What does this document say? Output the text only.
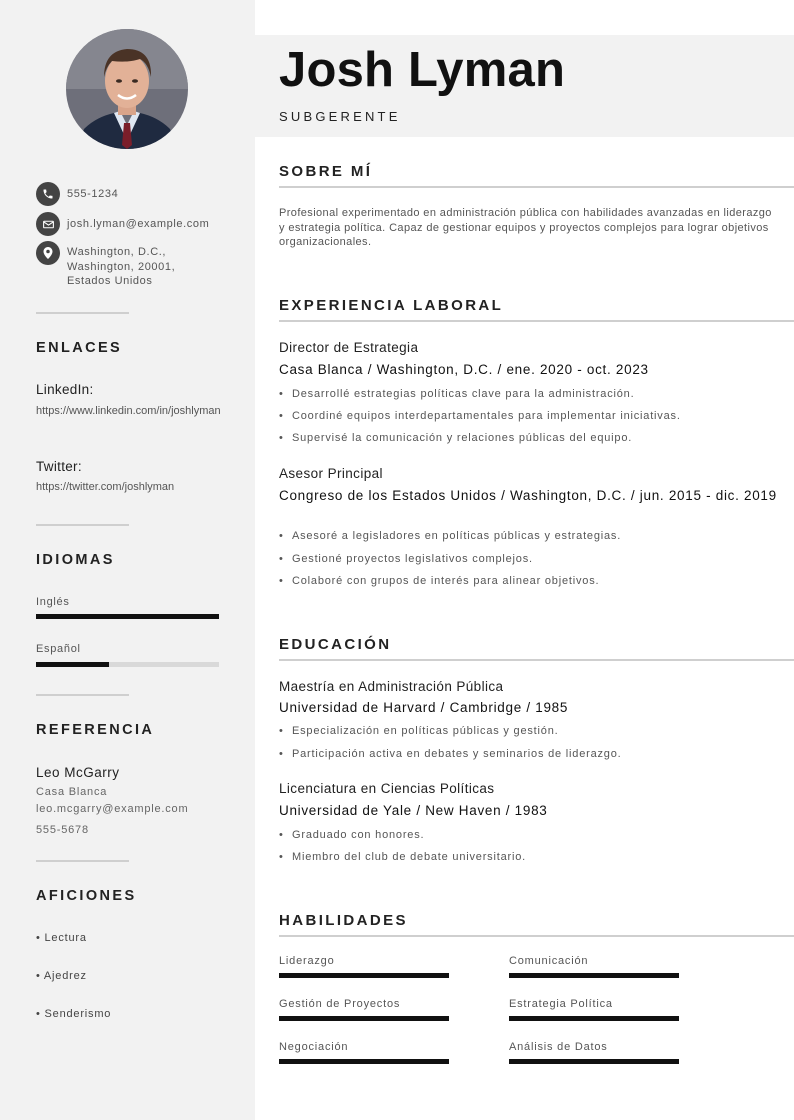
555-1234
josh.lyman@example.com
Washington, D.C.,
Washington, 20001,
Estados Unidos
ENLACES
LinkedIn:
https://www.linkedin.com/in/joshlyman
Twitter:
https://twitter.com/joshlyman
IDIOMAS
Inglés
Español
REFERENCIA
Leo McGarry
Casa Blanca
leo.mcgarry@example.com
555-5678
AFICIONES
• Lectura
• Ajedrez
• Senderismo
Josh Lyman
SUBGERENTE
SOBRE MÍ
Profesional experimentado en administración pública con habilidades avanzadas en liderazgo y estrategia política. Capaz de gestionar equipos y proyectos complejos para lograr objetivos organizacionales.
EXPERIENCIA LABORAL
Director de Estrategia
Casa Blanca / Washington, D.C. / ene. 2020 - oct. 2023
• Desarrollé estrategias políticas clave para la administración.
• Coordiné equipos interdepartamentales para implementar iniciativas.
• Supervisé la comunicación y relaciones públicas del equipo.
Asesor Principal
Congreso de los Estados Unidos / Washington, D.C. / jun. 2015 - dic. 2019
• Asesoré a legisladores en políticas públicas y estrategias.
• Gestioné proyectos legislativos complejos.
• Colaboré con grupos de interés para alinear objetivos.
EDUCACIÓN
Maestría en Administración Pública
Universidad de Harvard / Cambridge / 1985
• Especialización en políticas públicas y gestión.
• Participación activa en debates y seminarios de liderazgo.
Licenciatura en Ciencias Políticas
Universidad de Yale / New Haven / 1983
• Graduado con honores.
• Miembro del club de debate universitario.
HABILIDADES
Liderazgo	Comunicación
Gestión de Proyectos	Estrategia Política
Negociación	Análisis de Datos
